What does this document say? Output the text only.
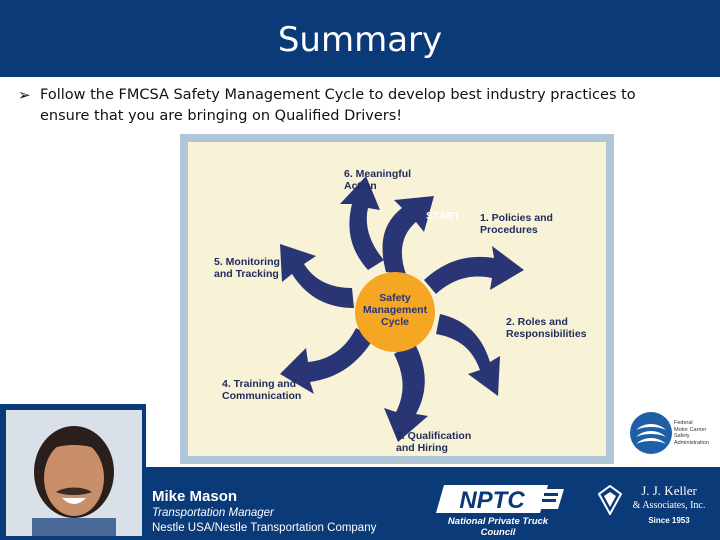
Summary
➢ Follow the FMCSA Safety Management Cycle to develop best industry practices to ensure that you are bringing on Qualified Drivers!
Safety
Management
Cycle
START 1. Policies and
Procedures
2. Roles and
Responsibilities
3. Qualification
and Hiring
4. Training and
Communication
5. Monitoring
and Tracking
6. Meaningful
Action
Federal
Motor Carrier
Safety
Administration
Mike Mason
Transportation Manager
Nestle USA/Nestle Transportation Company
NPTC
National Private Truck Council
J. J. Keller
& Associates, Inc.
Since 1953
